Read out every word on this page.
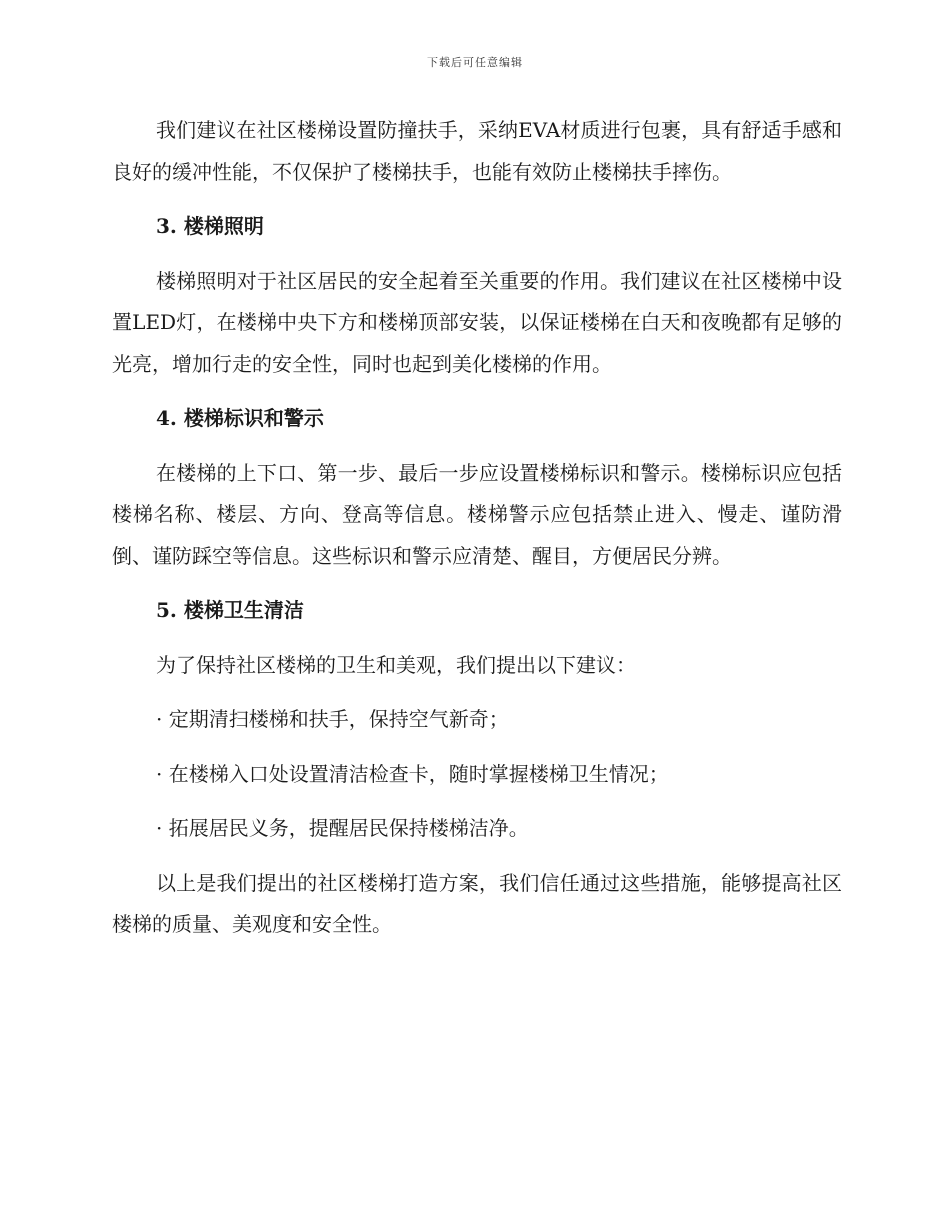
下载后可任意编辑

我们建议在社区楼梯设置防撞扶手，采纳EVA材质进行包裹，具有舒适手感和良好的缓冲性能，不仅保护了楼梯扶手，也能有效防止楼梯扶手摔伤。

3. 楼梯照明

楼梯照明对于社区居民的安全起着至关重要的作用。我们建议在社区楼梯中设置LED灯，在楼梯中央下方和楼梯顶部安装，以保证楼梯在白天和夜晚都有足够的光亮，增加行走的安全性，同时也起到美化楼梯的作用。

4. 楼梯标识和警示

在楼梯的上下口、第一步、最后一步应设置楼梯标识和警示。楼梯标识应包括楼梯名称、楼层、方向、登高等信息。楼梯警示应包括禁止进入、慢走、谨防滑倒、谨防踩空等信息。这些标识和警示应清楚、醒目，方便居民分辨。

5. 楼梯卫生清洁

为了保持社区楼梯的卫生和美观，我们提出以下建议：

· 定期清扫楼梯和扶手，保持空气新奇；
· 在楼梯入口处设置清洁检查卡，随时掌握楼梯卫生情况；
· 拓展居民义务，提醒居民保持楼梯洁净。

以上是我们提出的社区楼梯打造方案，我们信任通过这些措施，能够提高社区楼梯的质量、美观度和安全性。
